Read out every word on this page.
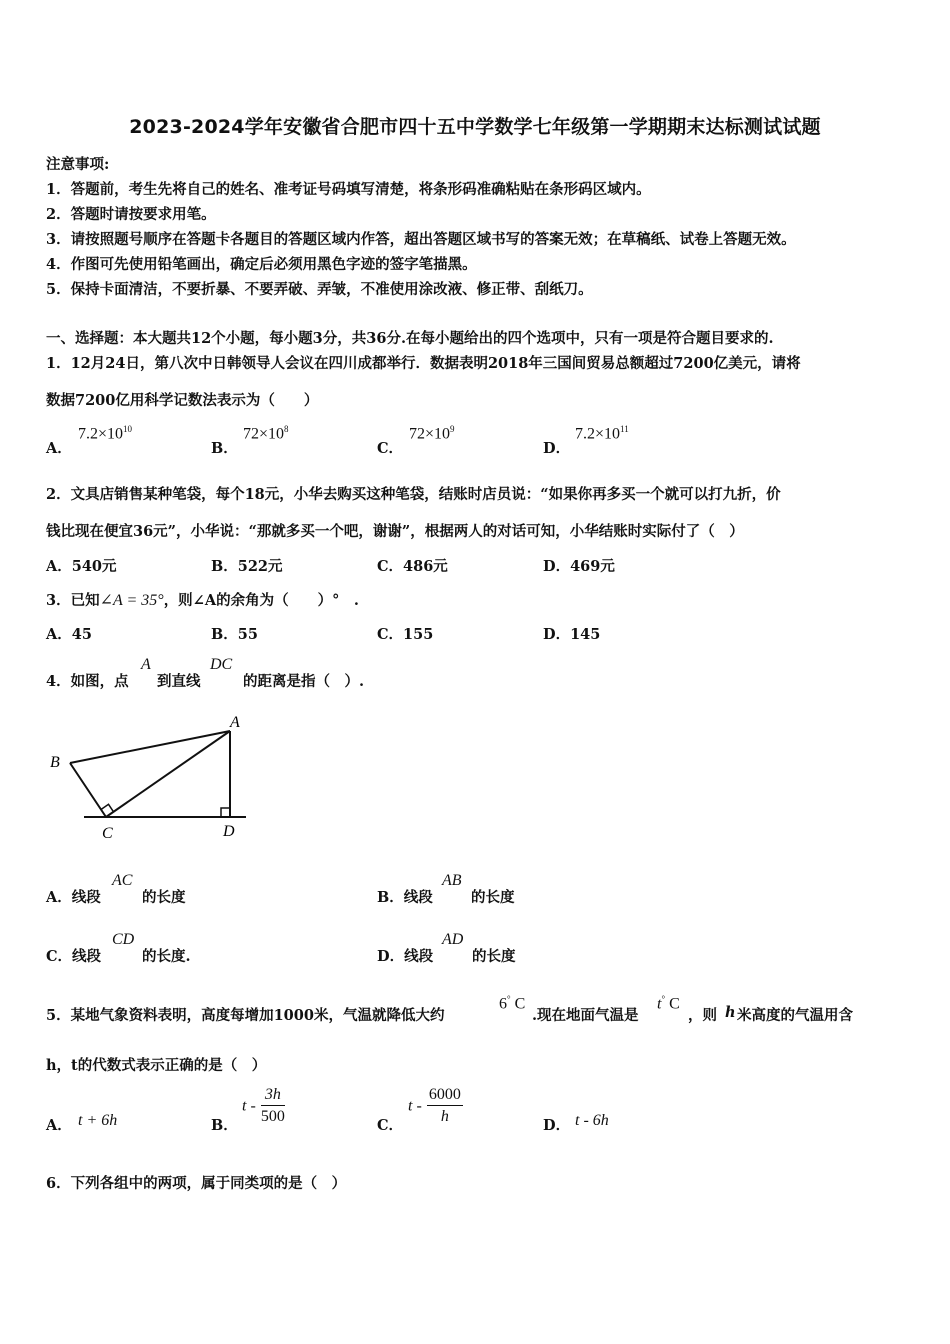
2023-2024学年安徽省合肥市四十五中学数学七年级第一学期期末达标测试试题
注意事项:
1．答题前，考生先将自己的姓名、准考证号码填写清楚，将条形码准确粘贴在条形码区域内。
2．答题时请按要求用笔。
3．请按照题号顺序在答题卡各题目的答题区域内作答，超出答题区域书写的答案无效；在草稿纸、试卷上答题无效。
4．作图可先使用铅笔画出，确定后必须用黑色字迹的签字笔描黑。
5．保持卡面清洁，不要折暴、不要弄破、弄皱，不准使用涂改液、修正带、刮纸刀。
一、选择题：本大题共12个小题，每小题3分，共36分.在每小题给出的四个选项中，只有一项是符合题目要求的.
1．12月24日，第八次中日韩领导人会议在四川成都举行．数据表明2018年三国间贸易总额超过7200亿美元，请将
数据7200亿用科学记数法表示为（　　）
A．
$7.2\times 10^{10}$
B．
$72\times 10^8$
C．
$72\times 10^9$
D．
$7.2\times 10^{11}$
2．文具店销售某种笔袋，每个18元，小华去购买这种笔袋，结账时店员说：“如果你再多买一个就可以打九折，价
钱比现在便宜36元”，小华说：“那就多买一个吧，谢谢”，根据两人的对话可知，小华结账时实际付了（　）
A．540元	B．522元	C．486元	D．469元
3．已知∠A = 35°，则∠A的余角为（　　）°　.
A．45	B．55	C．155	D．145
4．如图，点
A
到直线
DC
的距离是指（　）.
A
B
C	D
A．线段
AC
的长度	B．线段
AB
的长度
C．线段
CD
的长度.	D．线段
AD
的长度
5．某地气象资料表明，高度每增加1000米，气温就降低大约
6° C
.现在地面气温是
t° C
，则 h 米高度的气温用含
h，t的代数式表示正确的是（　）
A． t + 6h	B．
t - $\frac{3h}{500}$	C．
t - $\frac{6000}{h}$	D． t - 6h
6．下列各组中的两项，属于同类项的是（　）
